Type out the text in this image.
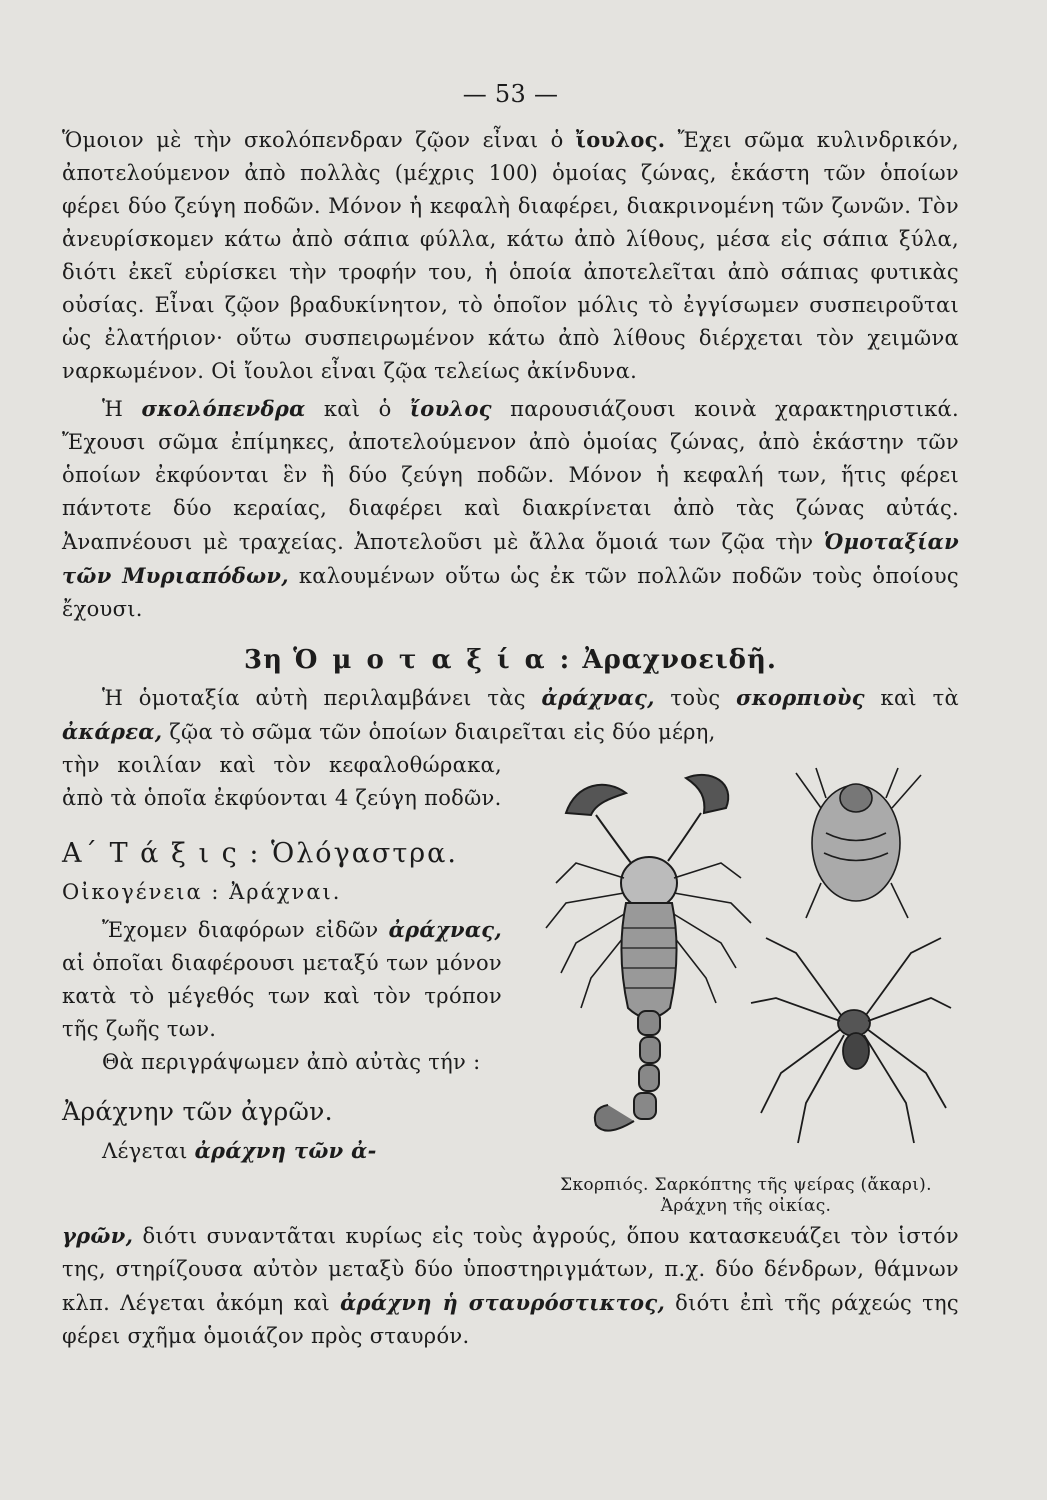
— 53 —

Ὅμοιον μὲ τὴν σκολόπενδραν ζῷον εἶναι ὁ ἴουλος. Ἔχει σῶμα κυλινδρικόν, ἀποτελούμενον ἀπὸ πολλὰς (μέχρις 100) ὁμοίας ζώνας, ἑκάστη τῶν ὁποίων φέρει δύο ζεύγη ποδῶν. Μόνον ἡ κεφαλὴ διαφέρει, διακρινομένη τῶν ζωνῶν. Τὸν ἀνευρίσκομεν κάτω ἀπὸ σάπια φύλλα, κάτω ἀπὸ λίθους, μέσα εἰς σάπια ξύλα, διότι ἐκεῖ εὑρίσκει τὴν τροφήν του, ἡ ὁποία ἀποτελεῖται ἀπὸ σάπιας φυτικὰς οὐσίας. Εἶναι ζῷον βραδυκίνητον, τὸ ὁποῖον μόλις τὸ ἐγγίσωμεν συσπειροῦται ὡς ἐλατήριον· οὕτω συσπειρωμένον κάτω ἀπὸ λίθους διέρχεται τὸν χειμῶνα ναρκωμένον. Οἱ ἴουλοι εἶναι ζῷα τελείως ἀκίνδυνα.

Ἡ σκολόπενδρα καὶ ὁ ἴουλος παρουσιάζουσι κοινὰ χαρακτηριστικά. Ἔχουσι σῶμα ἐπίμηκες, ἀποτελούμενον ἀπὸ ὁμοίας ζώνας, ἀπὸ ἑκάστην τῶν ὁποίων ἐκφύονται ἓν ἢ δύο ζεύγη ποδῶν. Μόνον ἡ κεφαλή των, ἥτις φέρει πάντοτε δύο κεραίας, διαφέρει καὶ διακρίνεται ἀπὸ τὰς ζώνας αὐτάς. Ἀναπνέουσι μὲ τραχείας. Ἀποτελοῦσι μὲ ἄλλα ὅμοιά των ζῷα τὴν Ὁμοταξίαν τῶν Μυριαπόδων, καλουμένων οὕτω ὡς ἐκ τῶν πολλῶν ποδῶν τοὺς ὁποίους ἔχουσι.

3η Ὁ μ ο τ α ξ ί α : Ἀραχνοειδῆ.

Ἡ ὁμοταξία αὐτὴ περιλαμβάνει τὰς ἀράχνας, τοὺς σκορπιοὺς καὶ τὰ ἀκάρεα, ζῷα τὸ σῶμα τῶν ὁποίων διαιρεῖται εἰς δύο μέρη,

τὴν κοιλίαν καὶ τὸν κεφαλοθώρακα, ἀπὸ τὰ ὁποῖα ἐκφύονται 4 ζεύγη ποδῶν.

Α΄ Τ ά ξ ι ς : Ὁλόγαστρα.
Οἰκογένεια : Ἀράχναι.

Ἔχομεν διαφόρων εἰδῶν ἀράχνας, αἱ ὁποῖαι διαφέρουσι μεταξύ των μόνον κατὰ τὸ μέγεθός των καὶ τὸν τρόπον τῆς ζωῆς των.

Θὰ περιγράψωμεν ἀπὸ αὐτὰς τήν :

Ἀράχνην τῶν ἀγρῶν.

Λέγεται ἀράχνη τῶν ἀ-

Σκορπιός. Σαρκόπτης τῆς ψείρας (ἄκαρι). Ἀράχνη τῆς οἰκίας.

γρῶν, διότι συναντᾶται κυρίως εἰς τοὺς ἀγρούς, ὅπου κατασκευάζει τὸν ἱστόν της, στηρίζουσα αὐτὸν μεταξὺ δύο ὑποστηριγμάτων, π.χ. δύο δένδρων, θάμνων κλπ. Λέγεται ἀκόμη καὶ ἀράχνη ἡ σταυρόστικτος, διότι ἐπὶ τῆς ράχεώς της φέρει σχῆμα ὁμοιάζον πρὸς σταυρόν.
